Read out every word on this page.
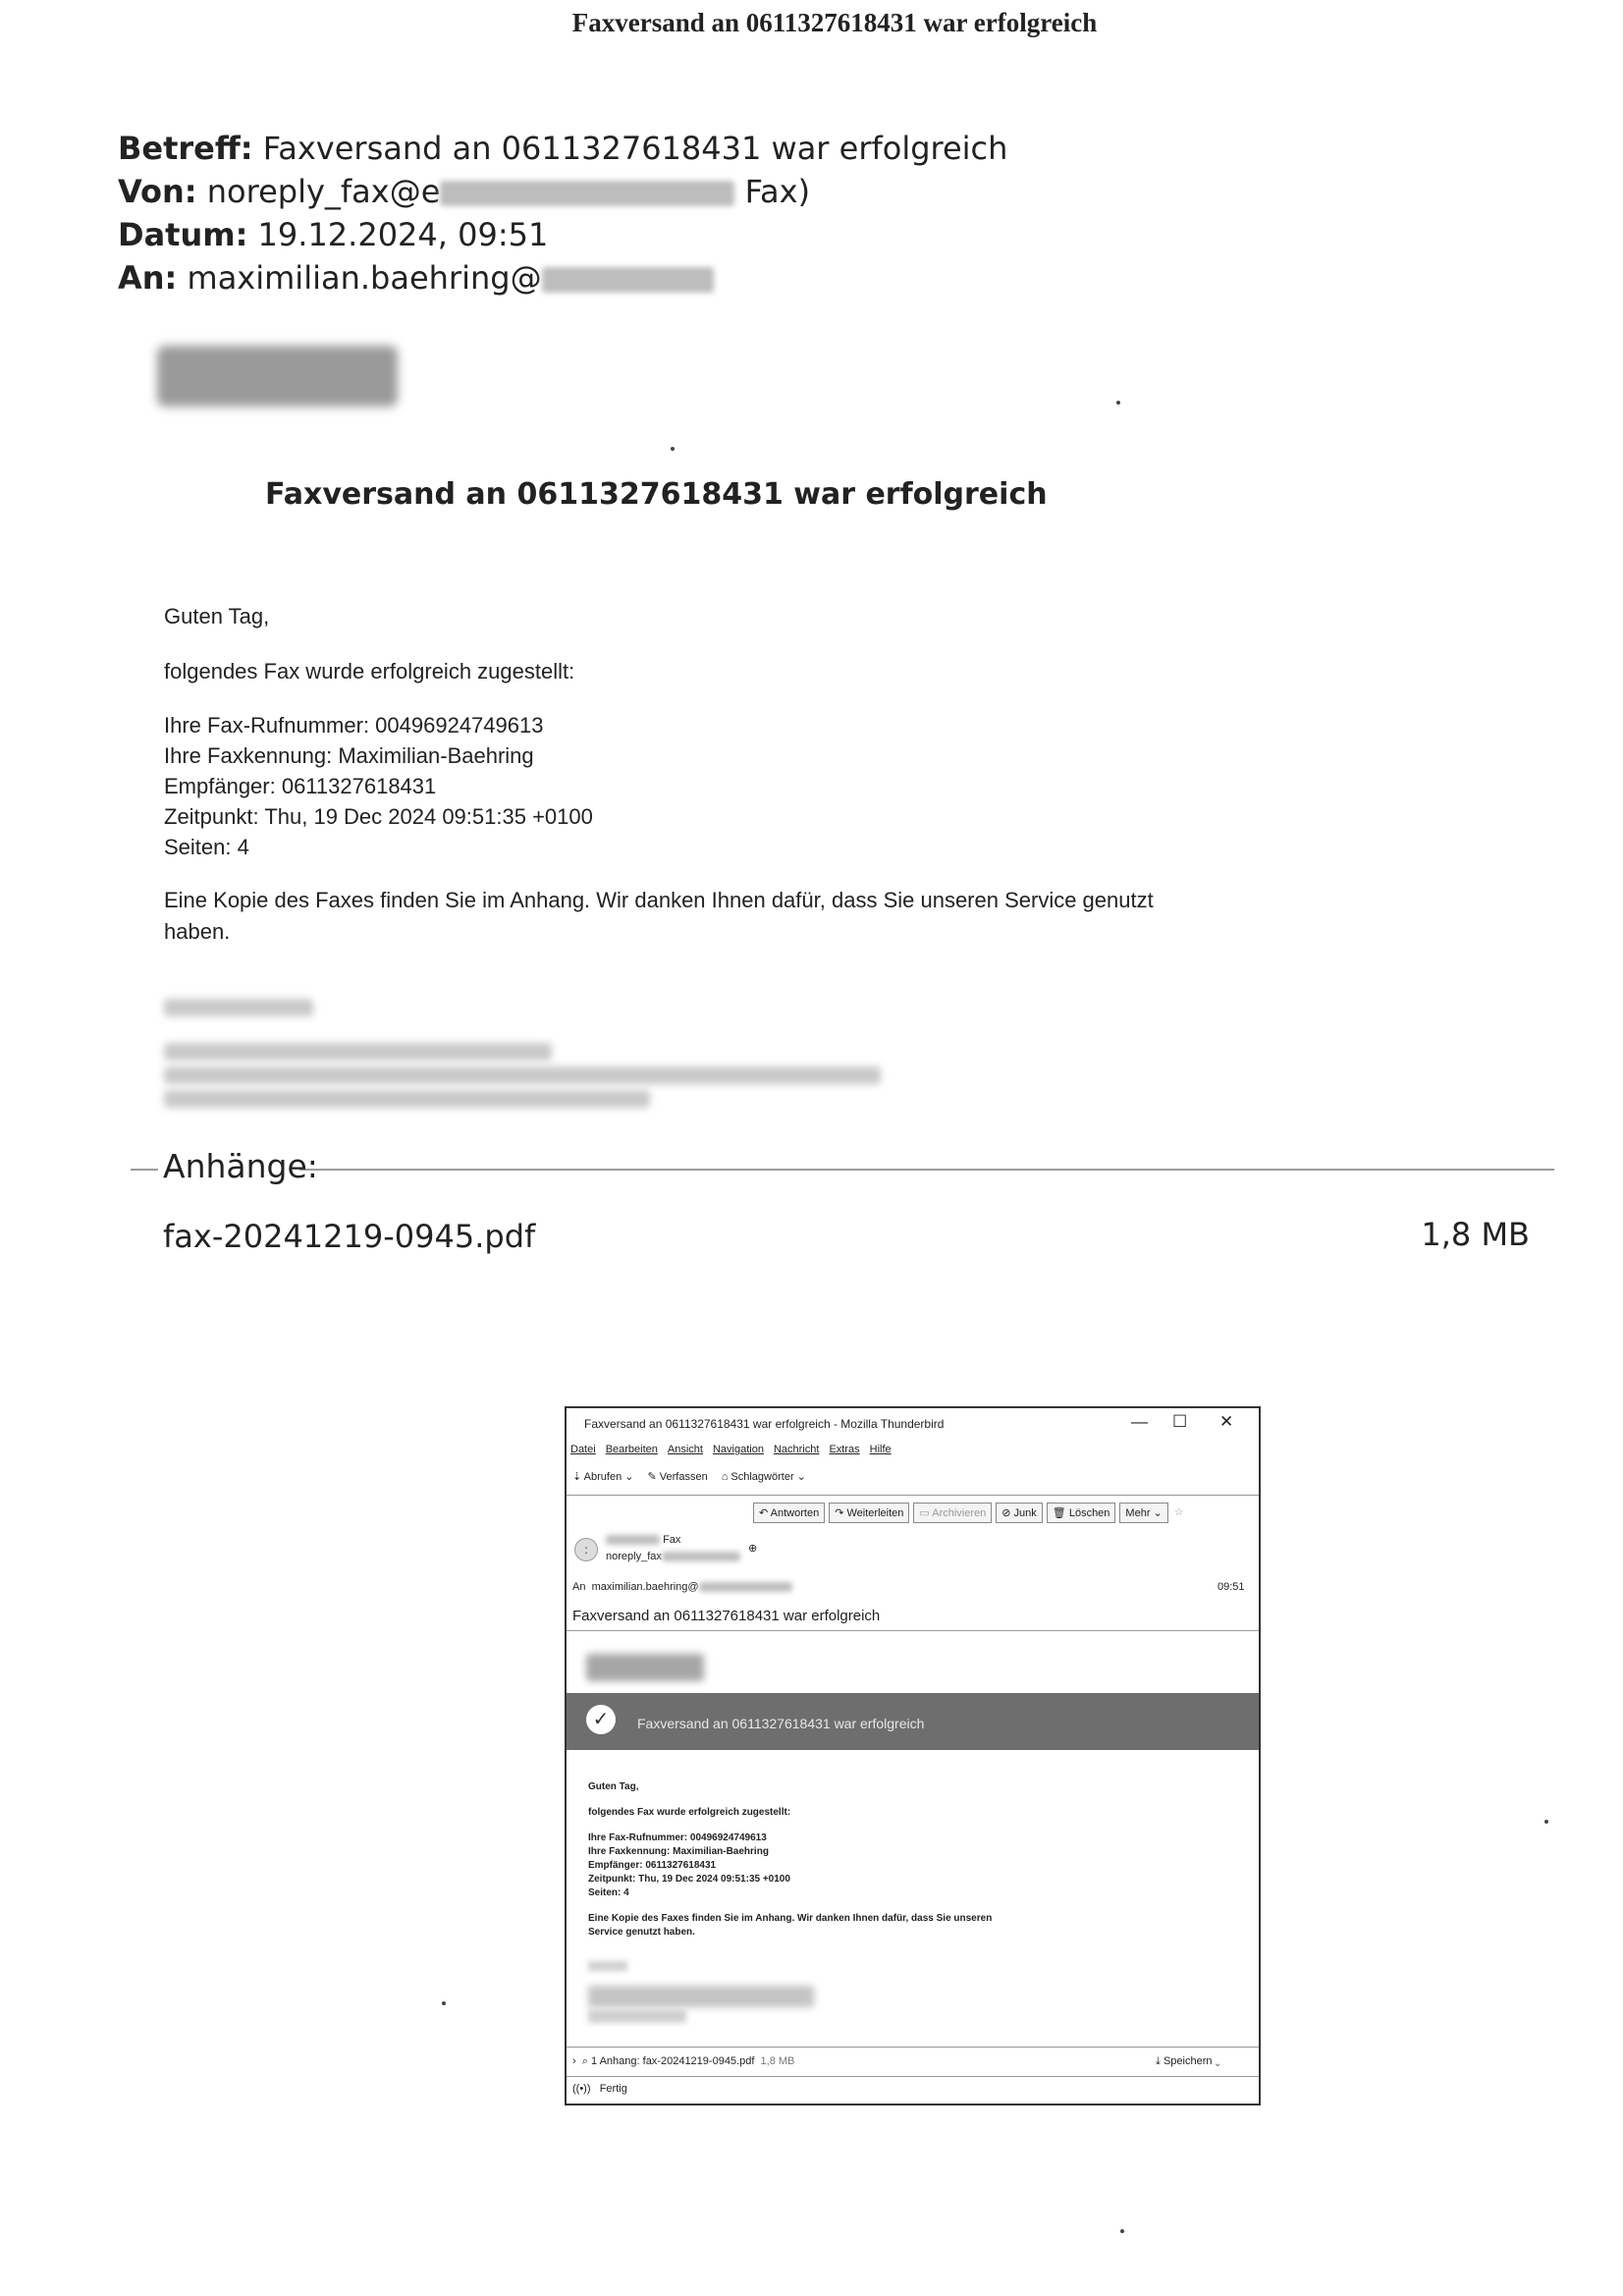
Faxversand an 0611327618431 war erfolgreich
Betreff: Faxversand an 0611327618431 war erfolgreich
Von: noreply_fax@e	Fax)
Datum: 19.12.2024, 09:51
An: maximilian.baehring@
Faxversand an 0611327618431 war erfolgreich
Guten Tag,
folgendes Fax wurde erfolgreich zugestellt:
Ihre Fax-Rufnummer: 00496924749613
Ihre Faxkennung: Maximilian-Baehring
Empfänger: 0611327618431
Zeitpunkt: Thu, 19 Dec 2024 09:51:35 +0100
Seiten: 4
Eine Kopie des Faxes finden Sie im Anhang. Wir danken Ihnen dafür, dass Sie unseren Service genutzt
haben.
Anhänge:
fax-20241219-0945.pdf	1,8 MB
Faxversand an 0611327618431 war erfolgreich - Mozilla Thunderbird	— ☐ ✕
Datei Bearbeiten Ansicht Navigation Nachricht Extras Hilfe
⇣ Abrufen ⌄ ✎ Verfassen ⌂ Schlagwörter ⌄
↶ Antworten	↷ Weiterleiten	▭ Archivieren	⊘ Junk	🗑 Löschen	Mehr ⌄	☆
:
Fax
noreply_fax
⊕
An maximilian.baehring@	09:51
Faxversand an 0611327618431 war erfolgreich
✓	Faxversand an 0611327618431 war erfolgreich
Guten Tag,
folgendes Fax wurde erfolgreich zugestellt:
Ihre Fax-Rufnummer: 00496924749613
Ihre Faxkennung: Maximilian-Baehring
Empfänger: 0611327618431
Zeitpunkt: Thu, 19 Dec 2024 09:51:35 +0100
Seiten: 4
Eine Kopie des Faxes finden Sie im Anhang. Wir danken Ihnen dafür, dass Sie unseren
Service genutzt haben.
› ⌕ 1 Anhang: fax-20241219-0945.pdf 1,8 MB	⤓ Speichern ⌄
((•)) Fertig
